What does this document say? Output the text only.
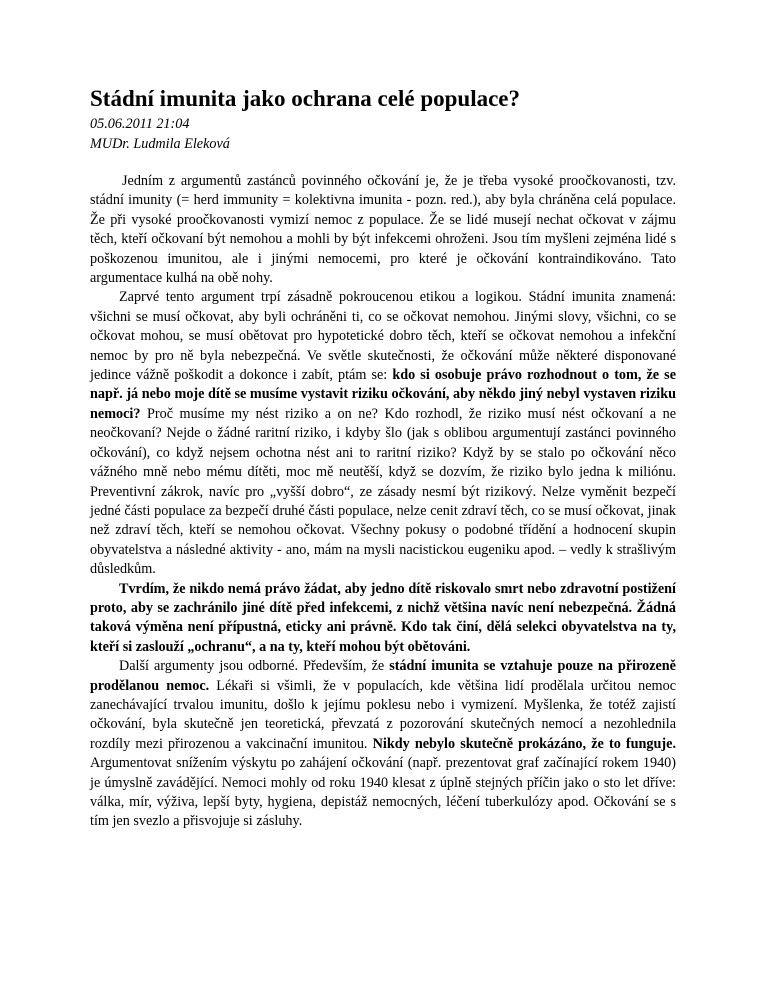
Stádní imunita jako ochrana celé populace?

05.06.2011 21:04

MUDr. Ludmila Eleková

Jedním z argumentů zastánců povinného očkování je, že je třeba vysoké proočkovanosti, tzv. stádní imunity (= herd immunity = kolektivna imunita - pozn. red.), aby byla chráněna celá populace. Že při vysoké proočkovanosti vymizí nemoc z populace. Že se lidé musejí nechat očkovat v zájmu těch, kteří očkovaní být nemohou a mohli by být infekcemi ohroženi. Jsou tím myšleni zejména lidé s poškozenou imunitou, ale i jinými nemocemi, pro které je očkování kontraindikováno. Tato argumentace kulhá na obě nohy.

Zaprvé tento argument trpí zásadně pokroucenou etikou a logikou. Stádní imunita znamená: všichni se musí očkovat, aby byli ochráněni ti, co se očkovat nemohou. Jinými slovy, všichni, co se očkovat mohou, se musí obětovat pro hypotetické dobro těch, kteří se očkovat nemohou a infekční nemoc by pro ně byla nebezpečná. Ve světle skutečnosti, že očkování může některé disponované jedince vážně poškodit a dokonce i zabít, ptám se: kdo si osobuje právo rozhodnout o tom, že se např. já nebo moje dítě se musíme vystavit riziku očkování, aby někdo jiný nebyl vystaven riziku nemoci? Proč musíme my nést riziko a on ne? Kdo rozhodl, že riziko musí nést očkovaní a ne neočkovaní? Nejde o žádné raritní riziko, i kdyby šlo (jak s oblibou argumentují zastánci povinného očkování), co když nejsem ochotna nést ani to raritní riziko? Když by se stalo po očkování něco vážného mně nebo mému dítěti, moc mě neutěší, když se dozvím, že riziko bylo jedna k miliónu. Preventivní zákrok, navíc pro „vyšší dobro“, ze zásady nesmí být rizikový. Nelze vyměnit bezpečí jedné části populace za bezpečí druhé části populace, nelze cenit zdraví těch, co se musí očkovat, jinak než zdraví těch, kteří se nemohou očkovat. Všechny pokusy o podobné třídění a hodnocení skupin obyvatelstva a následné aktivity - ano, mám na mysli nacistickou eugeniku apod. – vedly k strašlivým důsledkům.

Tvrdím, že nikdo nemá právo žádat, aby jedno dítě riskovalo smrt nebo zdravotní postižení proto, aby se zachránilo jiné dítě před infekcemi, z nichž většina navíc není nebezpečná. Žádná taková výměna není přípustná, eticky ani právně. Kdo tak činí, dělá selekci obyvatelstva na ty, kteří si zaslouží „ochranu“, a na ty, kteří mohou být obětováni.

Další argumenty jsou odborné. Především, že stádní imunita se vztahuje pouze na přirozeně prodělanou nemoc. Lékaři si všimli, že v populacích, kde většina lidí prodělala určitou nemoc zanechávající trvalou imunitu, došlo k jejímu poklesu nebo i vymizení. Myšlenka, že totéž zajistí očkování, byla skutečně jen teoretická, převzatá z pozorování skutečných nemocí a nezohlednila rozdíly mezi přirozenou a vakcinační imunitou. Nikdy nebylo skutečně prokázáno, že to funguje. Argumentovat snížením výskytu po zahájení očkování (např. prezentovat graf začínající rokem 1940) je úmyslně zavádějící. Nemoci mohly od roku 1940 klesat z úplně stejných příčin jako o sto let dříve: válka, mír, výživa, lepší byty, hygiena, depistáž nemocných, léčení tuberkulózy apod. Očkování se s tím jen svezlo a přisvojuje si zásluhy.
